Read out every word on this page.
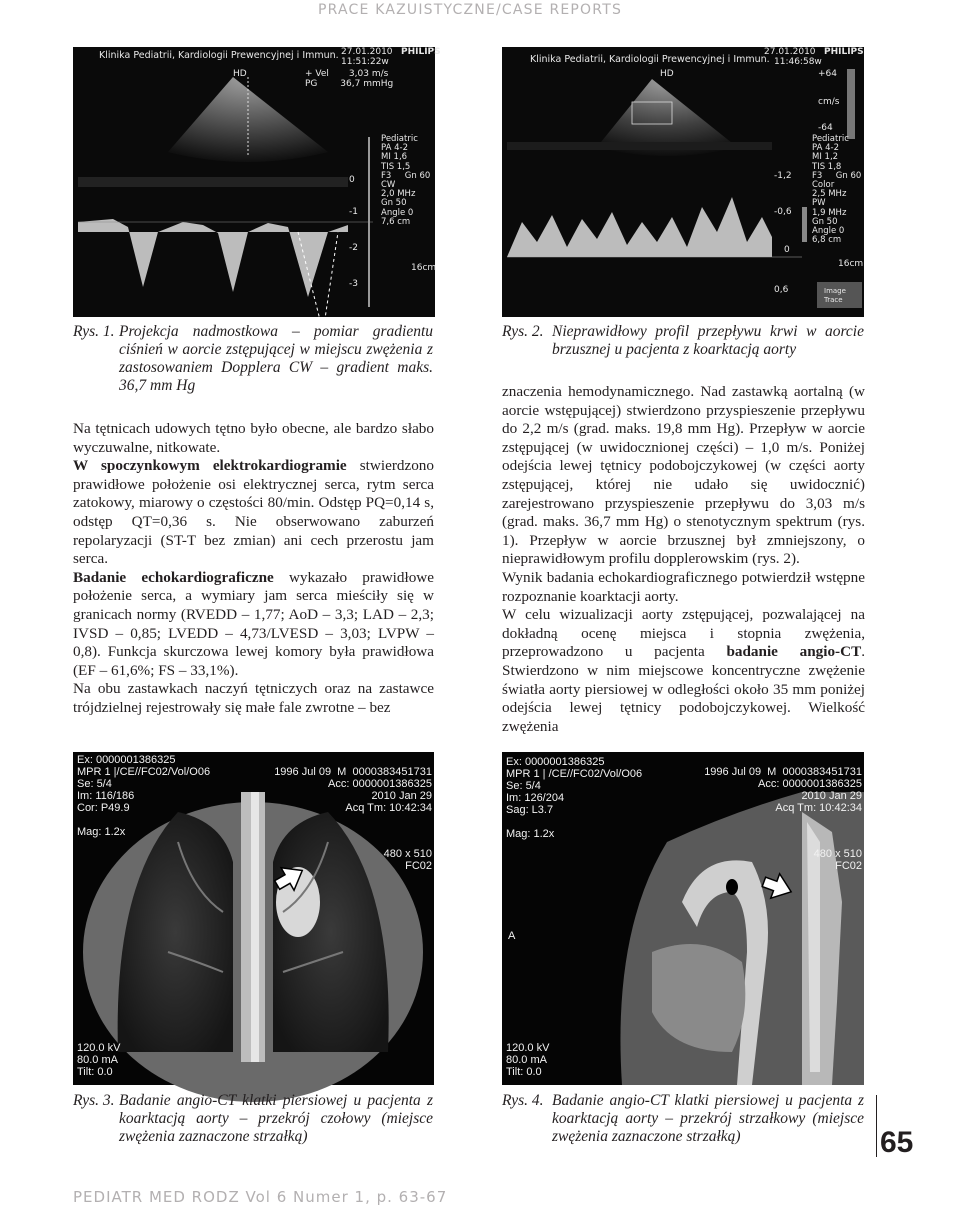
PRACE KAZUISTYCZNE/CASE REPORTS
Klinika Pediatrii, Kardiologii Prewencyjnej i Immun. 27.01.2010 PHILIPS
11:51:22w
HD	+ Vel       3,03 m/s
PG        36,7 mmHg
Pediatric
PA 4-2
MI 1,6
TIS 1,5
F3     Gn 60
CW
2,0 MHz
Gn 50
Angle 0
7,6 cm
0
-1
-2
-3
16cm
Klinika Pediatrii, Kardiologii Prewencyjnej i Immun.
27.01.2010 PHILIPS
11:46:58w
HD	+64
cm/s
-64
Pediatric
PA 4-2
MI 1,2
TIS 1,8
F3     Gn 60
Color
2,5 MHz
PW
1,9 MHz
Gn 50
Angle 0
6,8 cm
-1,2
-0,6
0
0,6
16cm
Image
Trace
Rys. 1. Projekcja nadmostkowa – pomiar gradientu ciśnień w aorcie zstępującej w miejscu zwężenia z zastosowaniem Dopplera CW – gradient maks. 36,7 mm Hg
Rys. 2. Nieprawidłowy profil przepływu krwi w aorcie brzusznej u pacjenta z koarktacją aorty

Na tętnicach udowych tętno było obecne, ale bardzo słabo wyczuwalne, nitkowate.

W spoczynkowym elektrokardiogramie stwierdzono prawidłowe położenie osi elektrycznej serca, rytm serca zatokowy, miarowy o częstości 80/min. Odstęp PQ=0,14 s, odstęp QT=0,36 s. Nie obserwowano zaburzeń repolaryzacji (ST-T bez zmian) ani cech przerostu jam serca.

Badanie echokardiograficzne wykazało prawidłowe położenie serca, a wymiary jam serca mieściły się w granicach normy (RVEDD – 1,77; AoD – 3,3; LAD – 2,3; IVSD – 0,85; LVEDD – 4,73/LVESD – 3,03; LVPW – 0,8). Funkcja skurczowa lewej komory była prawidłowa (EF – 61,6%; FS – 33,1%).

Na obu zastawkach naczyń tętniczych oraz na zastawce trójdzielnej rejestrowały się małe fale zwrotne – bez

znaczenia hemodynamicznego. Nad zastawką aortalną (w aorcie wstępującej) stwierdzono przyspieszenie przepływu do 2,2 m/s (grad. maks. 19,8 mm Hg). Przepływ w aorcie zstępującej (w uwidocznionej części) – 1,0 m/s. Poniżej odejścia lewej tętnicy podobojczykowej (w części aorty zstępującej, której nie udało się uwidocznić) zarejestrowano przyspieszenie przepływu do 3,03 m/s (grad. maks. 36,7 mm Hg) o stenotycznym spektrum (rys. 1). Przepływ w aorcie brzusznej był zmniejszony, o nieprawidłowym profilu dopplerowskim (rys. 2).

Wynik badania echokardiograficznego potwierdził wstępne rozpoznanie koarktacji aorty.

W celu wizualizacji aorty zstępującej, pozwalającej na dokładną ocenę miejsca i stopnia zwężenia, przeprowadzono u pacjenta badanie angio-CT. Stwierdzono w nim miejscowe koncentryczne zwężenie światła aorty piersiowej w odległości około 35 mm poniżej odejścia lewej tętnicy podobojczykowej. Wielkość zwężenia

Ex: 0000001386325
MPR 1 |/CE//FC02/Vol/O06
Se: 5/4
Im: 116/186
Cor: P49.9

Mag: 1.2x
1996 Jul 09  M  0000383451731
Acc: 0000001386325
2010 Jan 29
Acq Tm: 10:42:34
480 x 510
FC02
120.0 kV
80.0 mA
Tilt: 0.0
Ex: 0000001386325
MPR 1 | /CE//FC02/Vol/O06
Se: 5/4
Im: 126/204
Sag: L3.7

Mag: 1.2x
1996 Jul 09  M  0000383451731
Acc: 0000001386325
2010 Jan 29
Acq Tm: 10:42:34
480 x 510
FC02
A
120.0 kV
80.0 mA
Tilt: 0.0
Rys. 3. Badanie angio-CT klatki piersiowej u pacjenta z koarktacją aorty – przekrój czołowy (miejsce zwężenia zaznaczone strzałką)
Rys. 4. Badanie angio-CT klatki piersiowej u pacjenta z koarktacją aorty – przekrój strzałkowy (miejsce zwężenia zaznaczone strzałką)	65
PEDIATR MED RODZ Vol 6 Numer 1, p. 63-67
